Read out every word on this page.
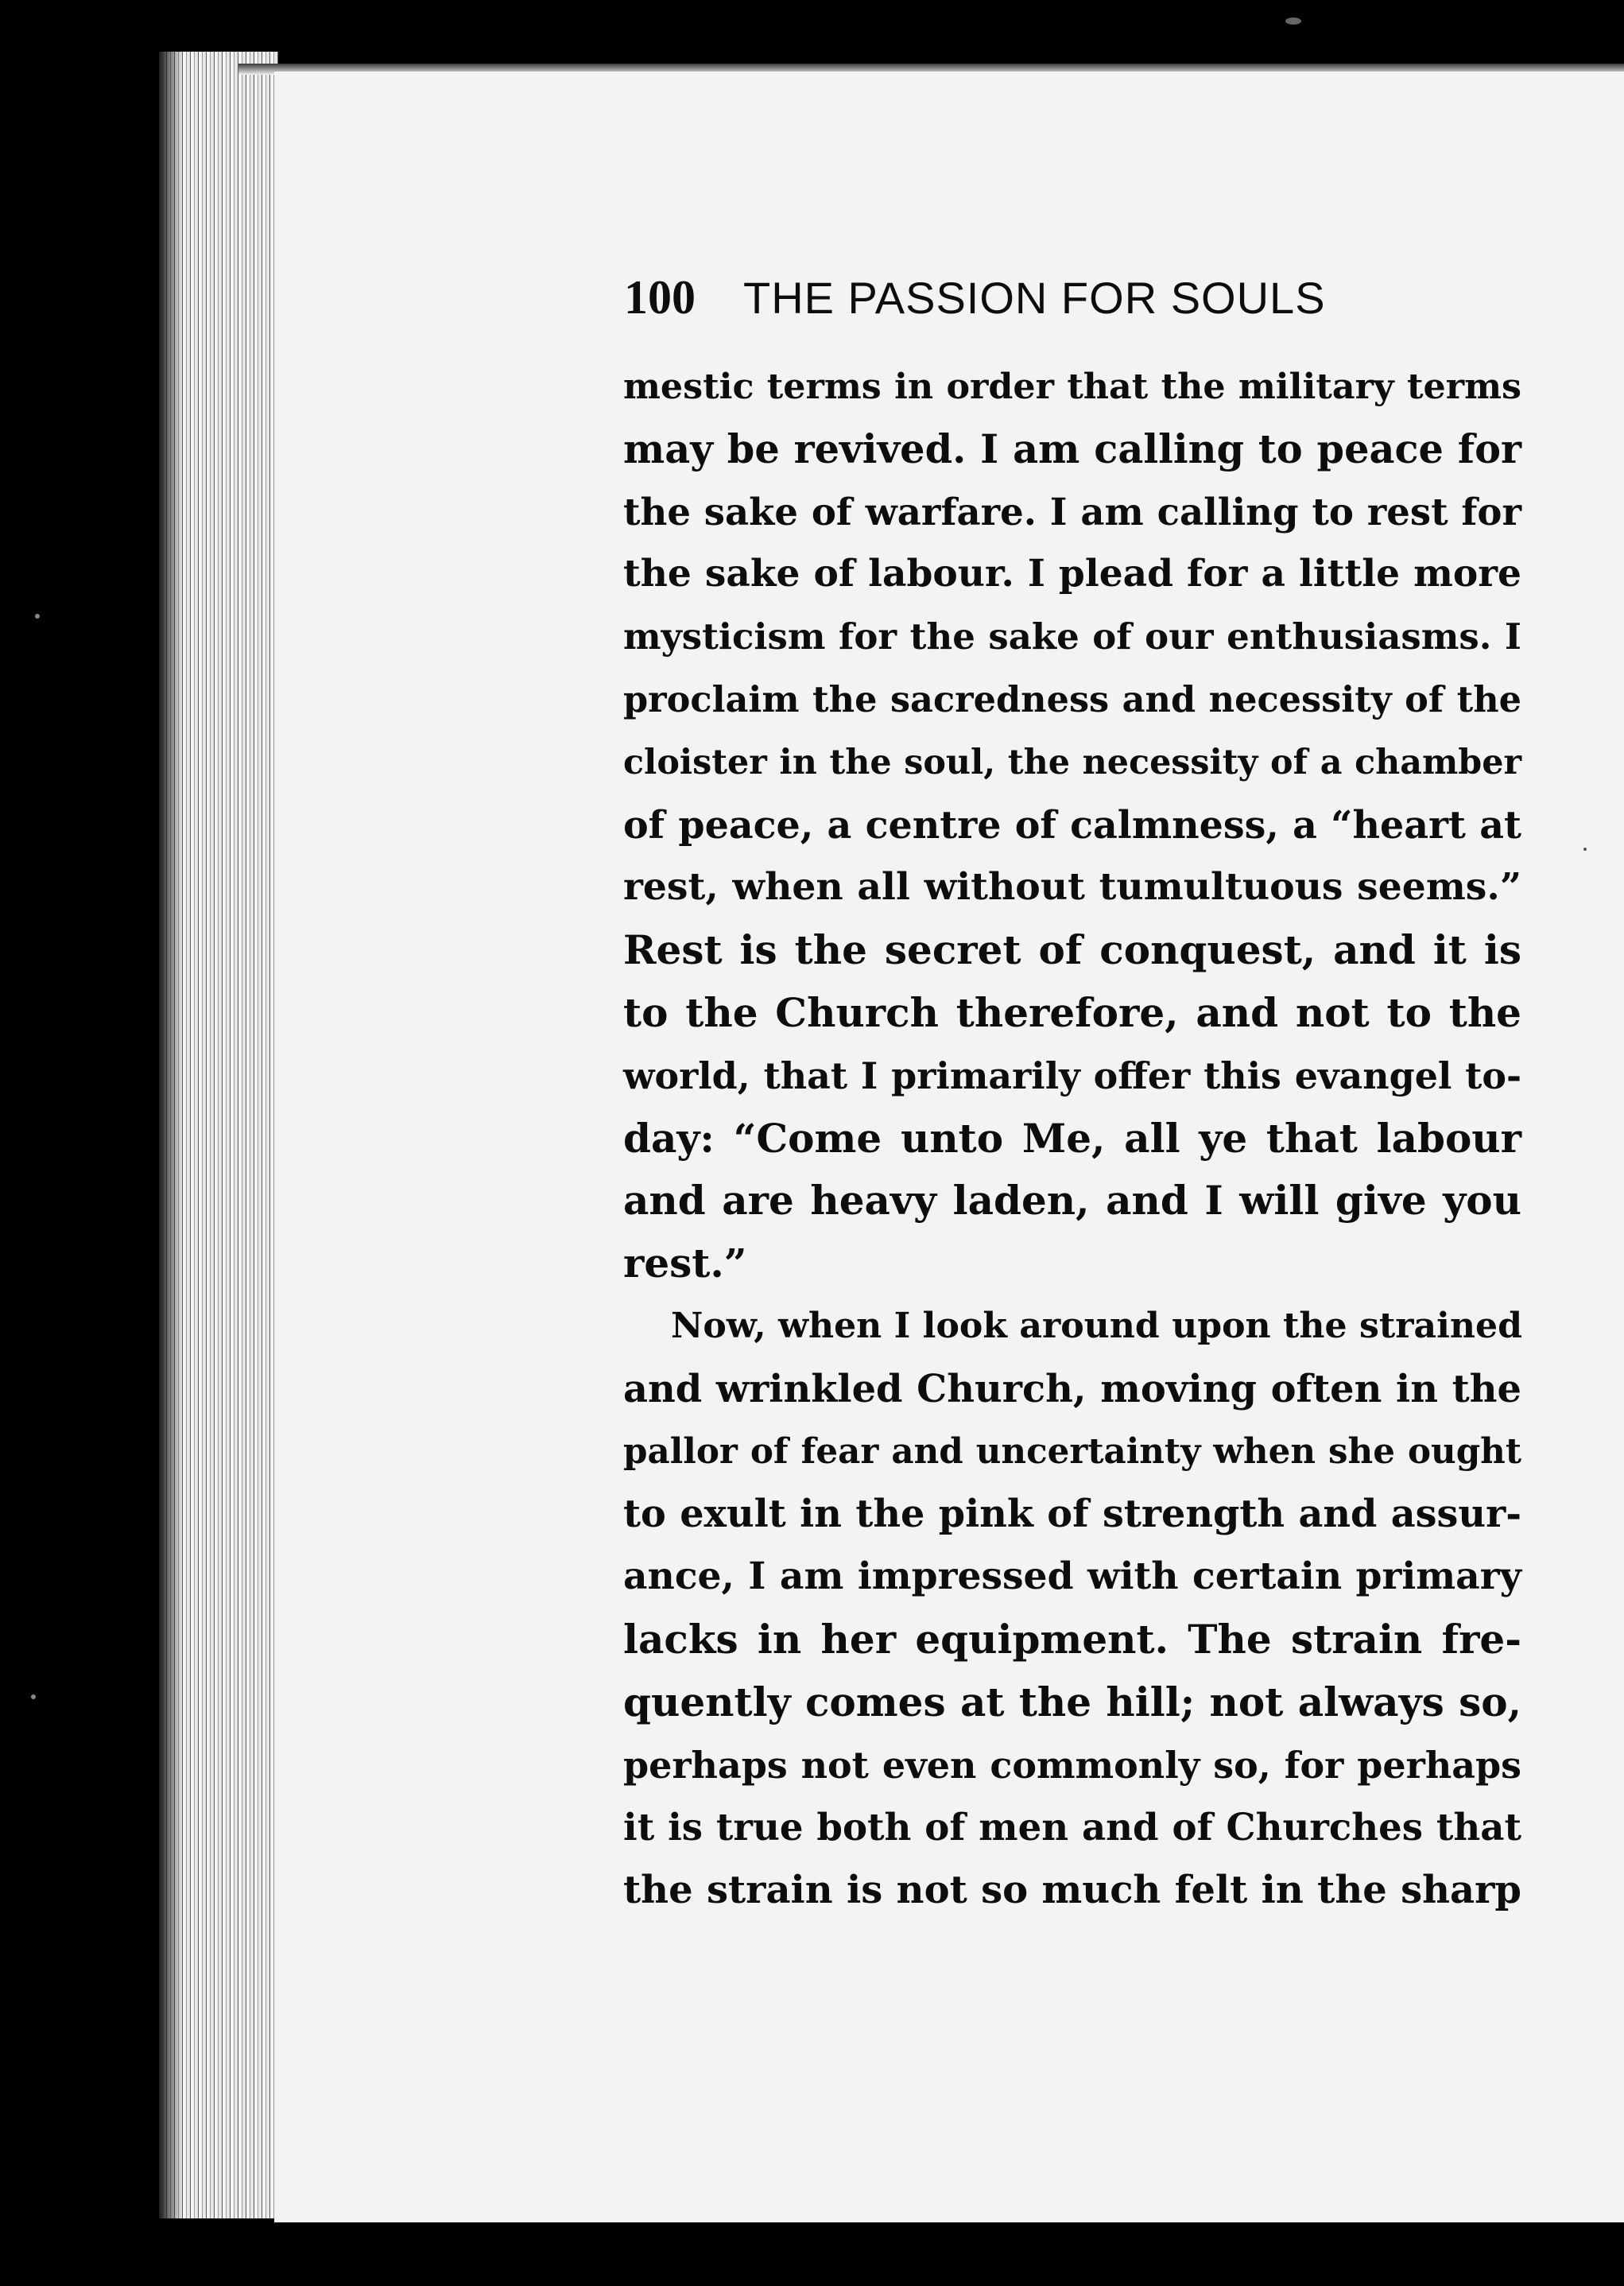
100 THE PASSION FOR SOULS
mestic terms in order that the military terms
may be revived. I am calling to peace for
the sake of warfare. I am calling to rest for
the sake of labour. I plead for a little more
mysticism for the sake of our enthusiasms. I
proclaim the sacredness and necessity of the
cloister in the soul, the necessity of a chamber
of peace, a centre of calmness, a “heart at
rest, when all without tumultuous seems.”
Rest is the secret of conquest, and it is
to the Church therefore, and not to the
world, that I primarily offer this evangel to-
day: “Come unto Me, all ye that labour
and are heavy laden, and I will give you
rest.”
Now, when I look around upon the strained
and wrinkled Church, moving often in the
pallor of fear and uncertainty when she ought
to exult in the pink of strength and assur-
ance, I am impressed with certain primary
lacks in her equipment. The strain fre-
quently comes at the hill; not always so,
perhaps not even commonly so, for perhaps
it is true both of men and of Churches that
the strain is not so much felt in the sharp
